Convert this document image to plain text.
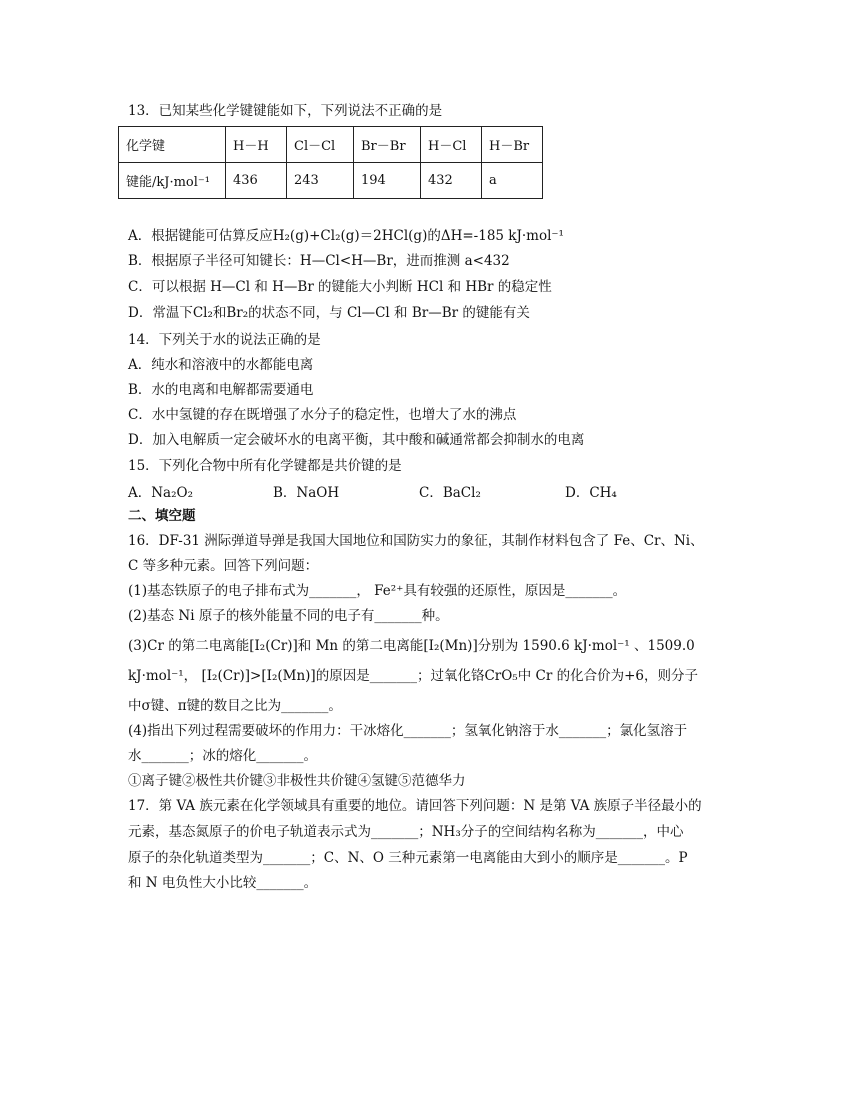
13．已知某些化学键键能如下，下列说法不正确的是
化学键	H－H	Cl－Cl	Br－Br	H－Cl	H－Br
键能/kJ·mol⁻¹	436	243	194	432	a
A．根据键能可估算反应H₂(g)+Cl₂(g)＝2HCl(g)的ΔH=-185 kJ·mol⁻¹
B．根据原子半径可知键长：H—Cl<H—Br，进而推测 a<432
C．可以根据 H—Cl 和 H—Br 的键能大小判断 HCl 和 HBr 的稳定性
D．常温下Cl₂和Br₂的状态不同，与 Cl—Cl 和 Br—Br 的键能有关
14．下列关于水的说法正确的是
A．纯水和溶液中的水都能电离
B．水的电离和电解都需要通电
C．水中氢键的存在既增强了水分子的稳定性，也增大了水的沸点
D．加入电解质一定会破坏水的电离平衡，其中酸和碱通常都会抑制水的电离
15．下列化合物中所有化学键都是共价键的是
A．Na₂O₂	B．NaOH	C．BaCl₂	D．CH₄
二、填空题
16．DF-31 洲际弹道导弹是我国大国地位和国防实力的象征，其制作材料包含了 Fe、Cr、Ni、
C 等多种元素。回答下列问题：
(1)基态铁原子的电子排布式为_______， Fe²⁺具有较强的还原性，原因是_______。
(2)基态 Ni 原子的核外能量不同的电子有_______种。
(3)Cr 的第二电离能[I₂(Cr)]和 Mn 的第二电离能[I₂(Mn)]分别为 1590.6 kJ·mol⁻¹ 、1509.0
kJ·mol⁻¹， [I₂(Cr)]>[I₂(Mn)]的原因是_______；过氧化铬CrO₅中 Cr 的化合价为+6，则分子
中σ键、π键的数目之比为_______。
(4)指出下列过程需要破坏的作用力：干冰熔化_______；氢氧化钠溶于水_______；氯化氢溶于
水_______；冰的熔化_______。
①离子键②极性共价键③非极性共价键④氢键⑤范德华力
17．第 VA 族元素在化学领域具有重要的地位。请回答下列问题：N 是第 VA 族原子半径最小的
元素，基态氮原子的价电子轨道表示式为_______；NH₃分子的空间结构名称为_______，中心
原子的杂化轨道类型为_______；C、N、O 三种元素第一电离能由大到小的顺序是_______。P
和 N 电负性大小比较_______。
